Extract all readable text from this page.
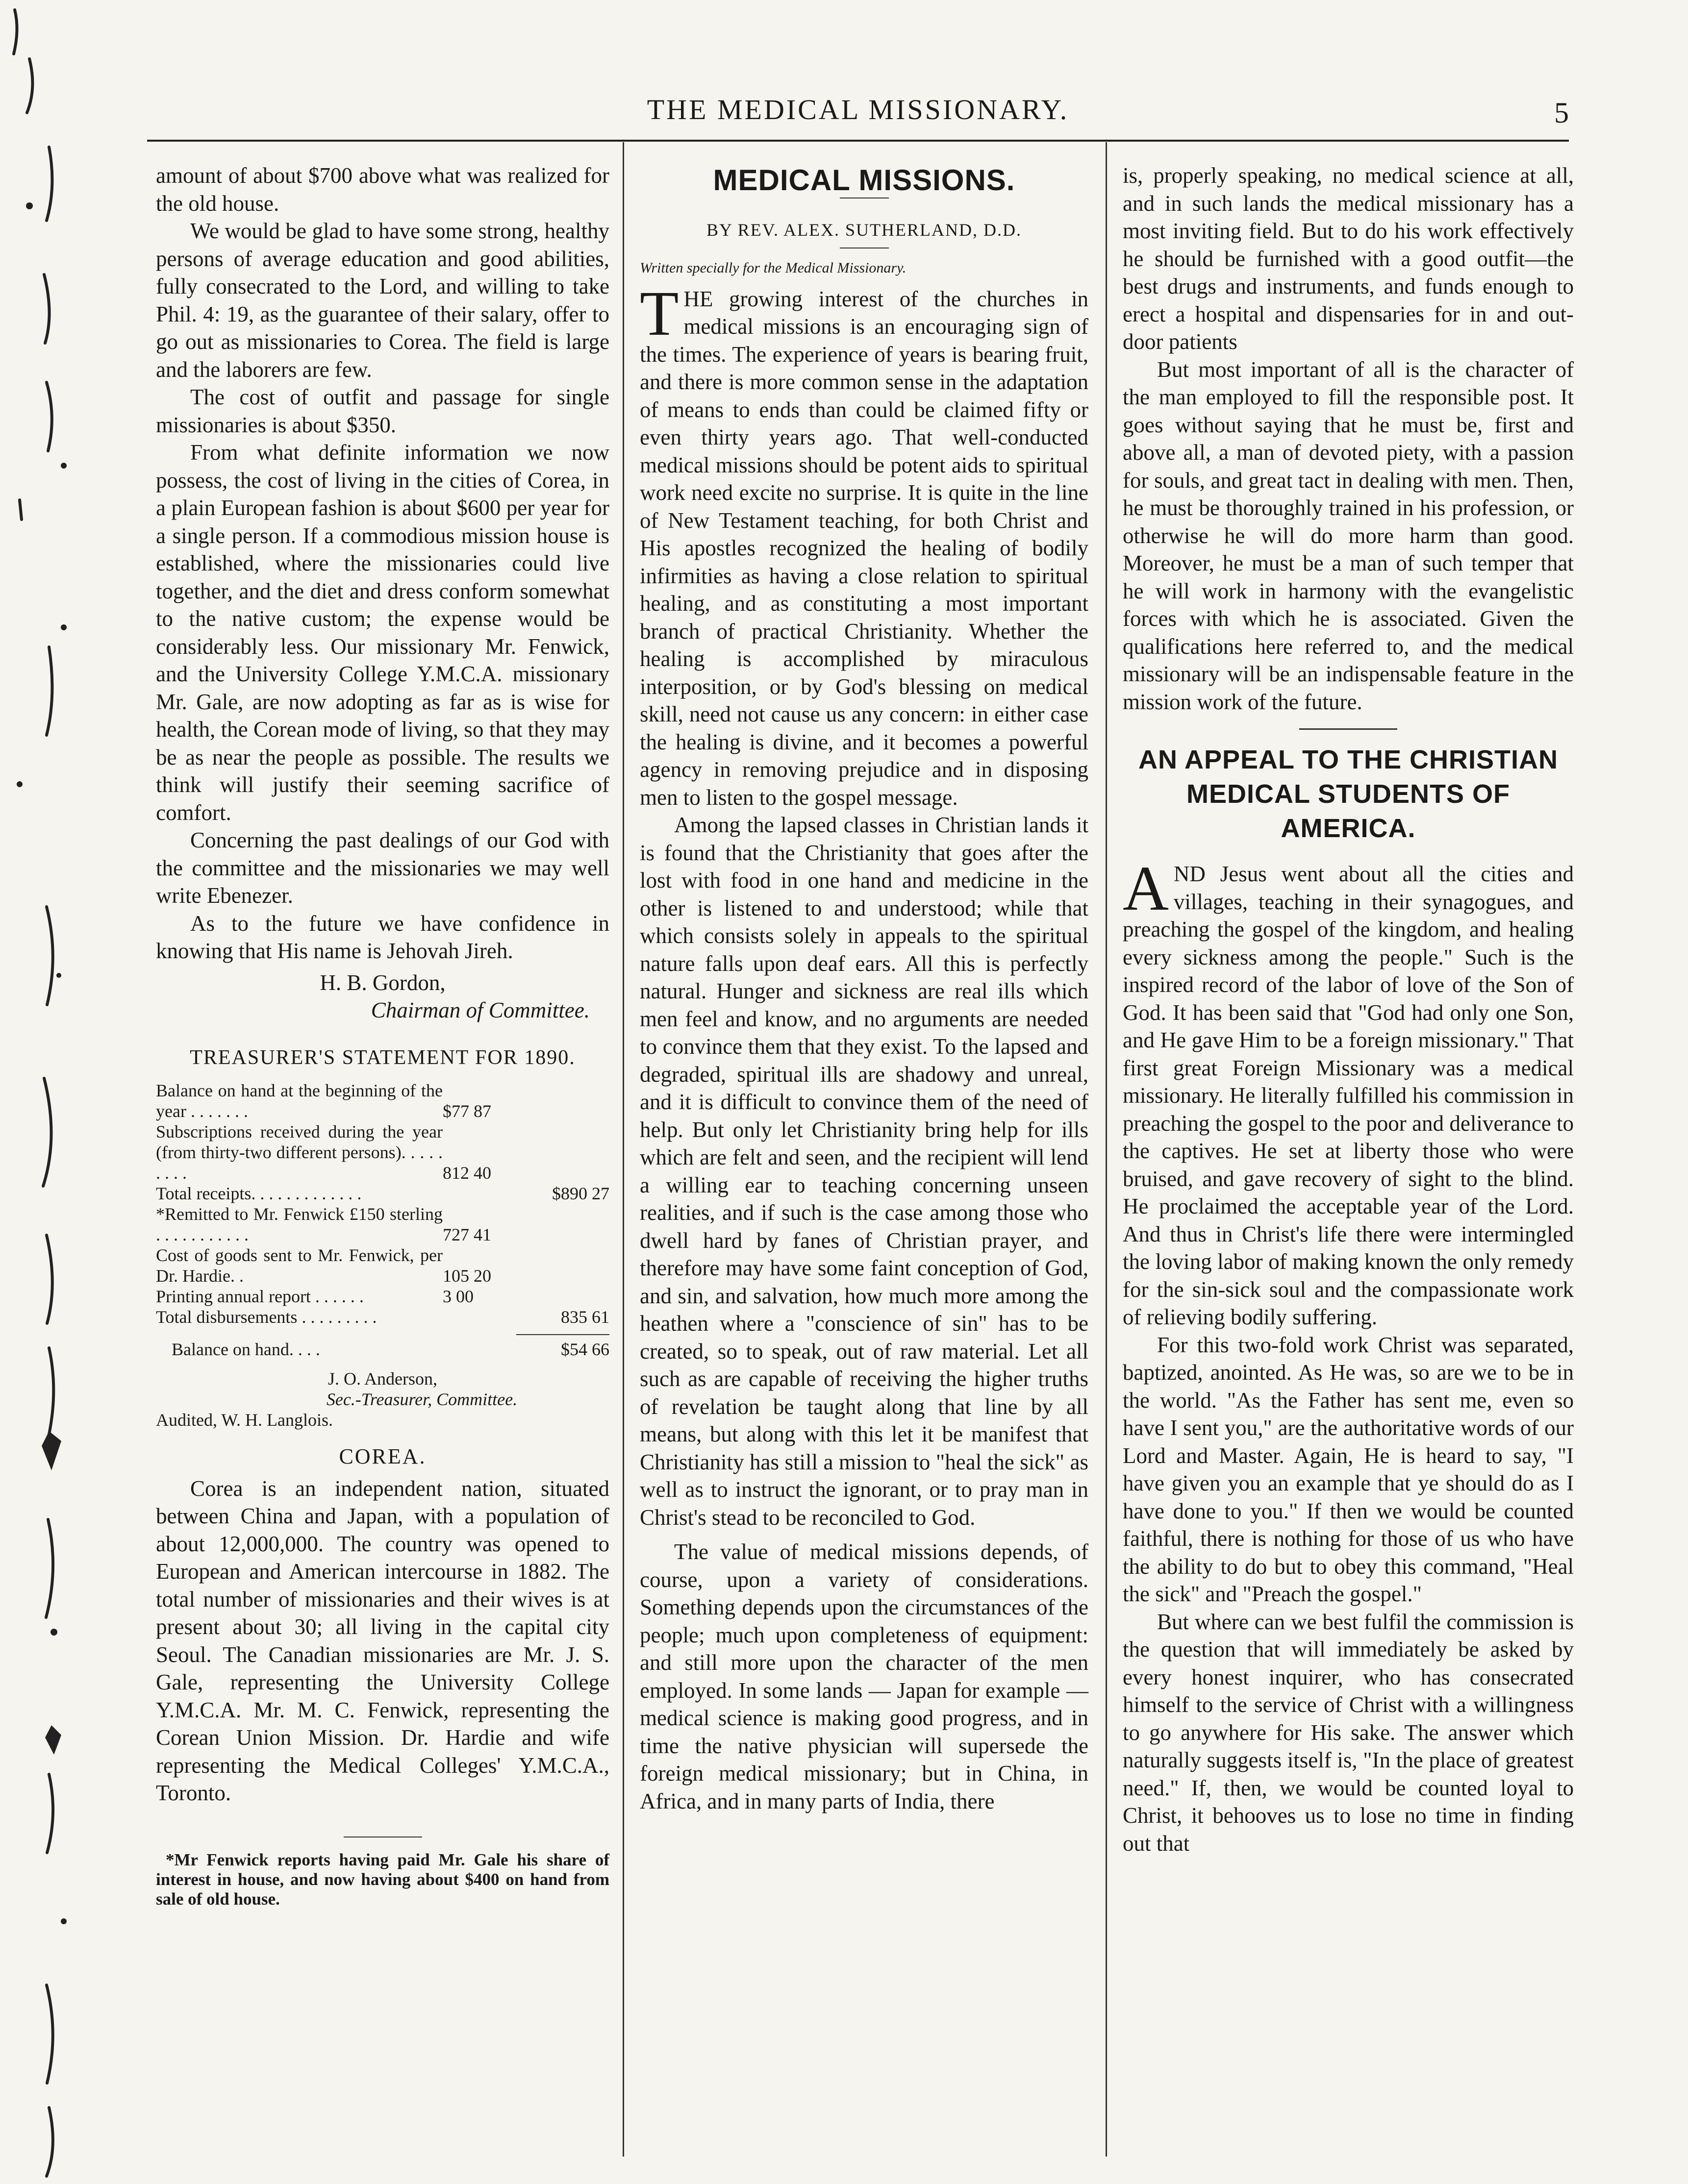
THE MEDICAL MISSIONARY.	5

amount of about $700 above what was realized for the old house.

We would be glad to have some strong, healthy persons of average education and good abilities, fully consecrated to the Lord, and willing to take Phil. 4: 19, as the guarantee of their salary, offer to go out as missionaries to Corea. The field is large and the laborers are few.

The cost of outfit and passage for single missionaries is about $350.

From what definite information we now possess, the cost of living in the cities of Corea, in a plain European fashion is about $600 per year for a single person. If a commodious mission house is established, where the missionaries could live together, and the diet and dress conform somewhat to the native custom; the expense would be considerably less. Our missionary Mr. Fenwick, and the University College Y.M.C.A. missionary Mr. Gale, are now adopting as far as is wise for health, the Corean mode of living, so that they may be as near the people as possible. The results we think will justify their seeming sacrifice of comfort.

Concerning the past dealings of our God with the committee and the missionaries we may well write Ebenezer.

As to the future we have confidence in knowing that His name is Jehovah Jireh.

H. B. Gordon,

Chairman of Committee.

TREASURER'S STATEMENT FOR 1890.
Balance on hand at the beginning of the year . . . . . . .	$77 87
Subscriptions received during the year (from thirty-two different persons). . . . . . . . .	812 40
Total receipts. . . . . . . . . . . . .	$890 27
*Remitted to Mr. Fenwick £150 sterling . . . . . . . . . . .	727 41
Cost of goods sent to Mr. Fenwick, per Dr. Hardie. .	105 20
Printing annual report . . . . . .	3 00
Total disbursements . . . . . . . . .	835 61
Balance on hand. . . .	$54 66
J. O. Anderson,
Sec.-Treasurer, Committee.
Audited, W. H. Langlois.
COREA.

Corea is an independent nation, situated between China and Japan, with a population of about 12,000,000. The country was opened to European and American intercourse in 1882. The total number of missionaries and their wives is at present about 30; all living in the capital city Seoul. The Canadian missionaries are Mr. J. S. Gale, representing the University College Y.M.C.A. Mr. M. C. Fenwick, representing the Corean Union Mission. Dr. Hardie and wife representing the Medical Colleges' Y.M.C.A., Toronto.

*Mr Fenwick reports having paid Mr. Gale his share of interest in house, and now having about $400 on hand from sale of old house.

MEDICAL MISSIONS.
BY REV. ALEX. SUTHERLAND, D.D.
Written specially for the Medical Missionary.

THE growing interest of the churches in medical missions is an encouraging sign of the times. The experience of years is bearing fruit, and there is more common sense in the adaptation of means to ends than could be claimed fifty or even thirty years ago. That well-conducted medical missions should be potent aids to spiritual work need excite no surprise. It is quite in the line of New Testament teaching, for both Christ and His apostles recognized the healing of bodily infirmities as having a close relation to spiritual healing, and as constituting a most important branch of practical Christianity. Whether the healing is accomplished by miraculous interposition, or by God's blessing on medical skill, need not cause us any concern: in either case the healing is divine, and it becomes a powerful agency in removing prejudice and in disposing men to listen to the gospel message.

Among the lapsed classes in Christian lands it is found that the Christianity that goes after the lost with food in one hand and medicine in the other is listened to and understood; while that which consists solely in appeals to the spiritual nature falls upon deaf ears. All this is perfectly natural. Hunger and sickness are real ills which men feel and know, and no arguments are needed to convince them that they exist. To the lapsed and degraded, spiritual ills are shadowy and unreal, and it is difficult to convince them of the need of help. But only let Christianity bring help for ills which are felt and seen, and the recipient will lend a willing ear to teaching concerning unseen realities, and if such is the case among those who dwell hard by fanes of Christian prayer, and therefore may have some faint conception of God, and sin, and salvation, how much more among the heathen where a "conscience of sin" has to be created, so to speak, out of raw material. Let all such as are capable of receiving the higher truths of revelation be taught along that line by all means, but along with this let it be manifest that Christianity has still a mission to "heal the sick" as well as to instruct the ignorant, or to pray man in Christ's stead to be reconciled to God.

The value of medical missions depends, of course, upon a variety of considerations. Something depends upon the circumstances of the people; much upon completeness of equipment: and still more upon the character of the men employed. In some lands — Japan for example — medical science is making good progress, and in time the native physician will supersede the foreign medical missionary; but in China, in Africa, and in many parts of India, there

is, properly speaking, no medical science at all, and in such lands the medical missionary has a most inviting field. But to do his work effectively he should be furnished with a good outfit—the best drugs and instruments, and funds enough to erect a hospital and dispensaries for in and out-door patients

But most important of all is the character of the man employed to fill the responsible post. It goes without saying that he must be, first and above all, a man of devoted piety, with a passion for souls, and great tact in dealing with men. Then, he must be thoroughly trained in his profession, or otherwise he will do more harm than good. Moreover, he must be a man of such temper that he will work in harmony with the evangelistic forces with which he is associated. Given the qualifications here referred to, and the medical missionary will be an indispensable feature in the mission work of the future.

AN APPEAL TO THE CHRISTIAN MEDICAL STUDENTS OF AMERICA.

AND Jesus went about all the cities and villages, teaching in their synagogues, and preaching the gospel of the kingdom, and healing every sickness among the people." Such is the inspired record of the labor of love of the Son of God. It has been said that "God had only one Son, and He gave Him to be a foreign missionary." That first great Foreign Missionary was a medical missionary. He literally fulfilled his commission in preaching the gospel to the poor and deliverance to the captives. He set at liberty those who were bruised, and gave recovery of sight to the blind. He proclaimed the acceptable year of the Lord. And thus in Christ's life there were intermingled the loving labor of making known the only remedy for the sin-sick soul and the compassionate work of relieving bodily suffering.

For this two-fold work Christ was separated, baptized, anointed. As He was, so are we to be in the world. "As the Father has sent me, even so have I sent you," are the authoritative words of our Lord and Master. Again, He is heard to say, "I have given you an example that ye should do as I have done to you." If then we would be counted faithful, there is nothing for those of us who have the ability to do but to obey this command, "Heal the sick" and "Preach the gospel."

But where can we best fulfil the commission is the question that will immediately be asked by every honest inquirer, who has consecrated himself to the service of Christ with a willingness to go anywhere for His sake. The answer which naturally suggests itself is, "In the place of greatest need." If, then, we would be counted loyal to Christ, it behooves us to lose no time in finding out that
